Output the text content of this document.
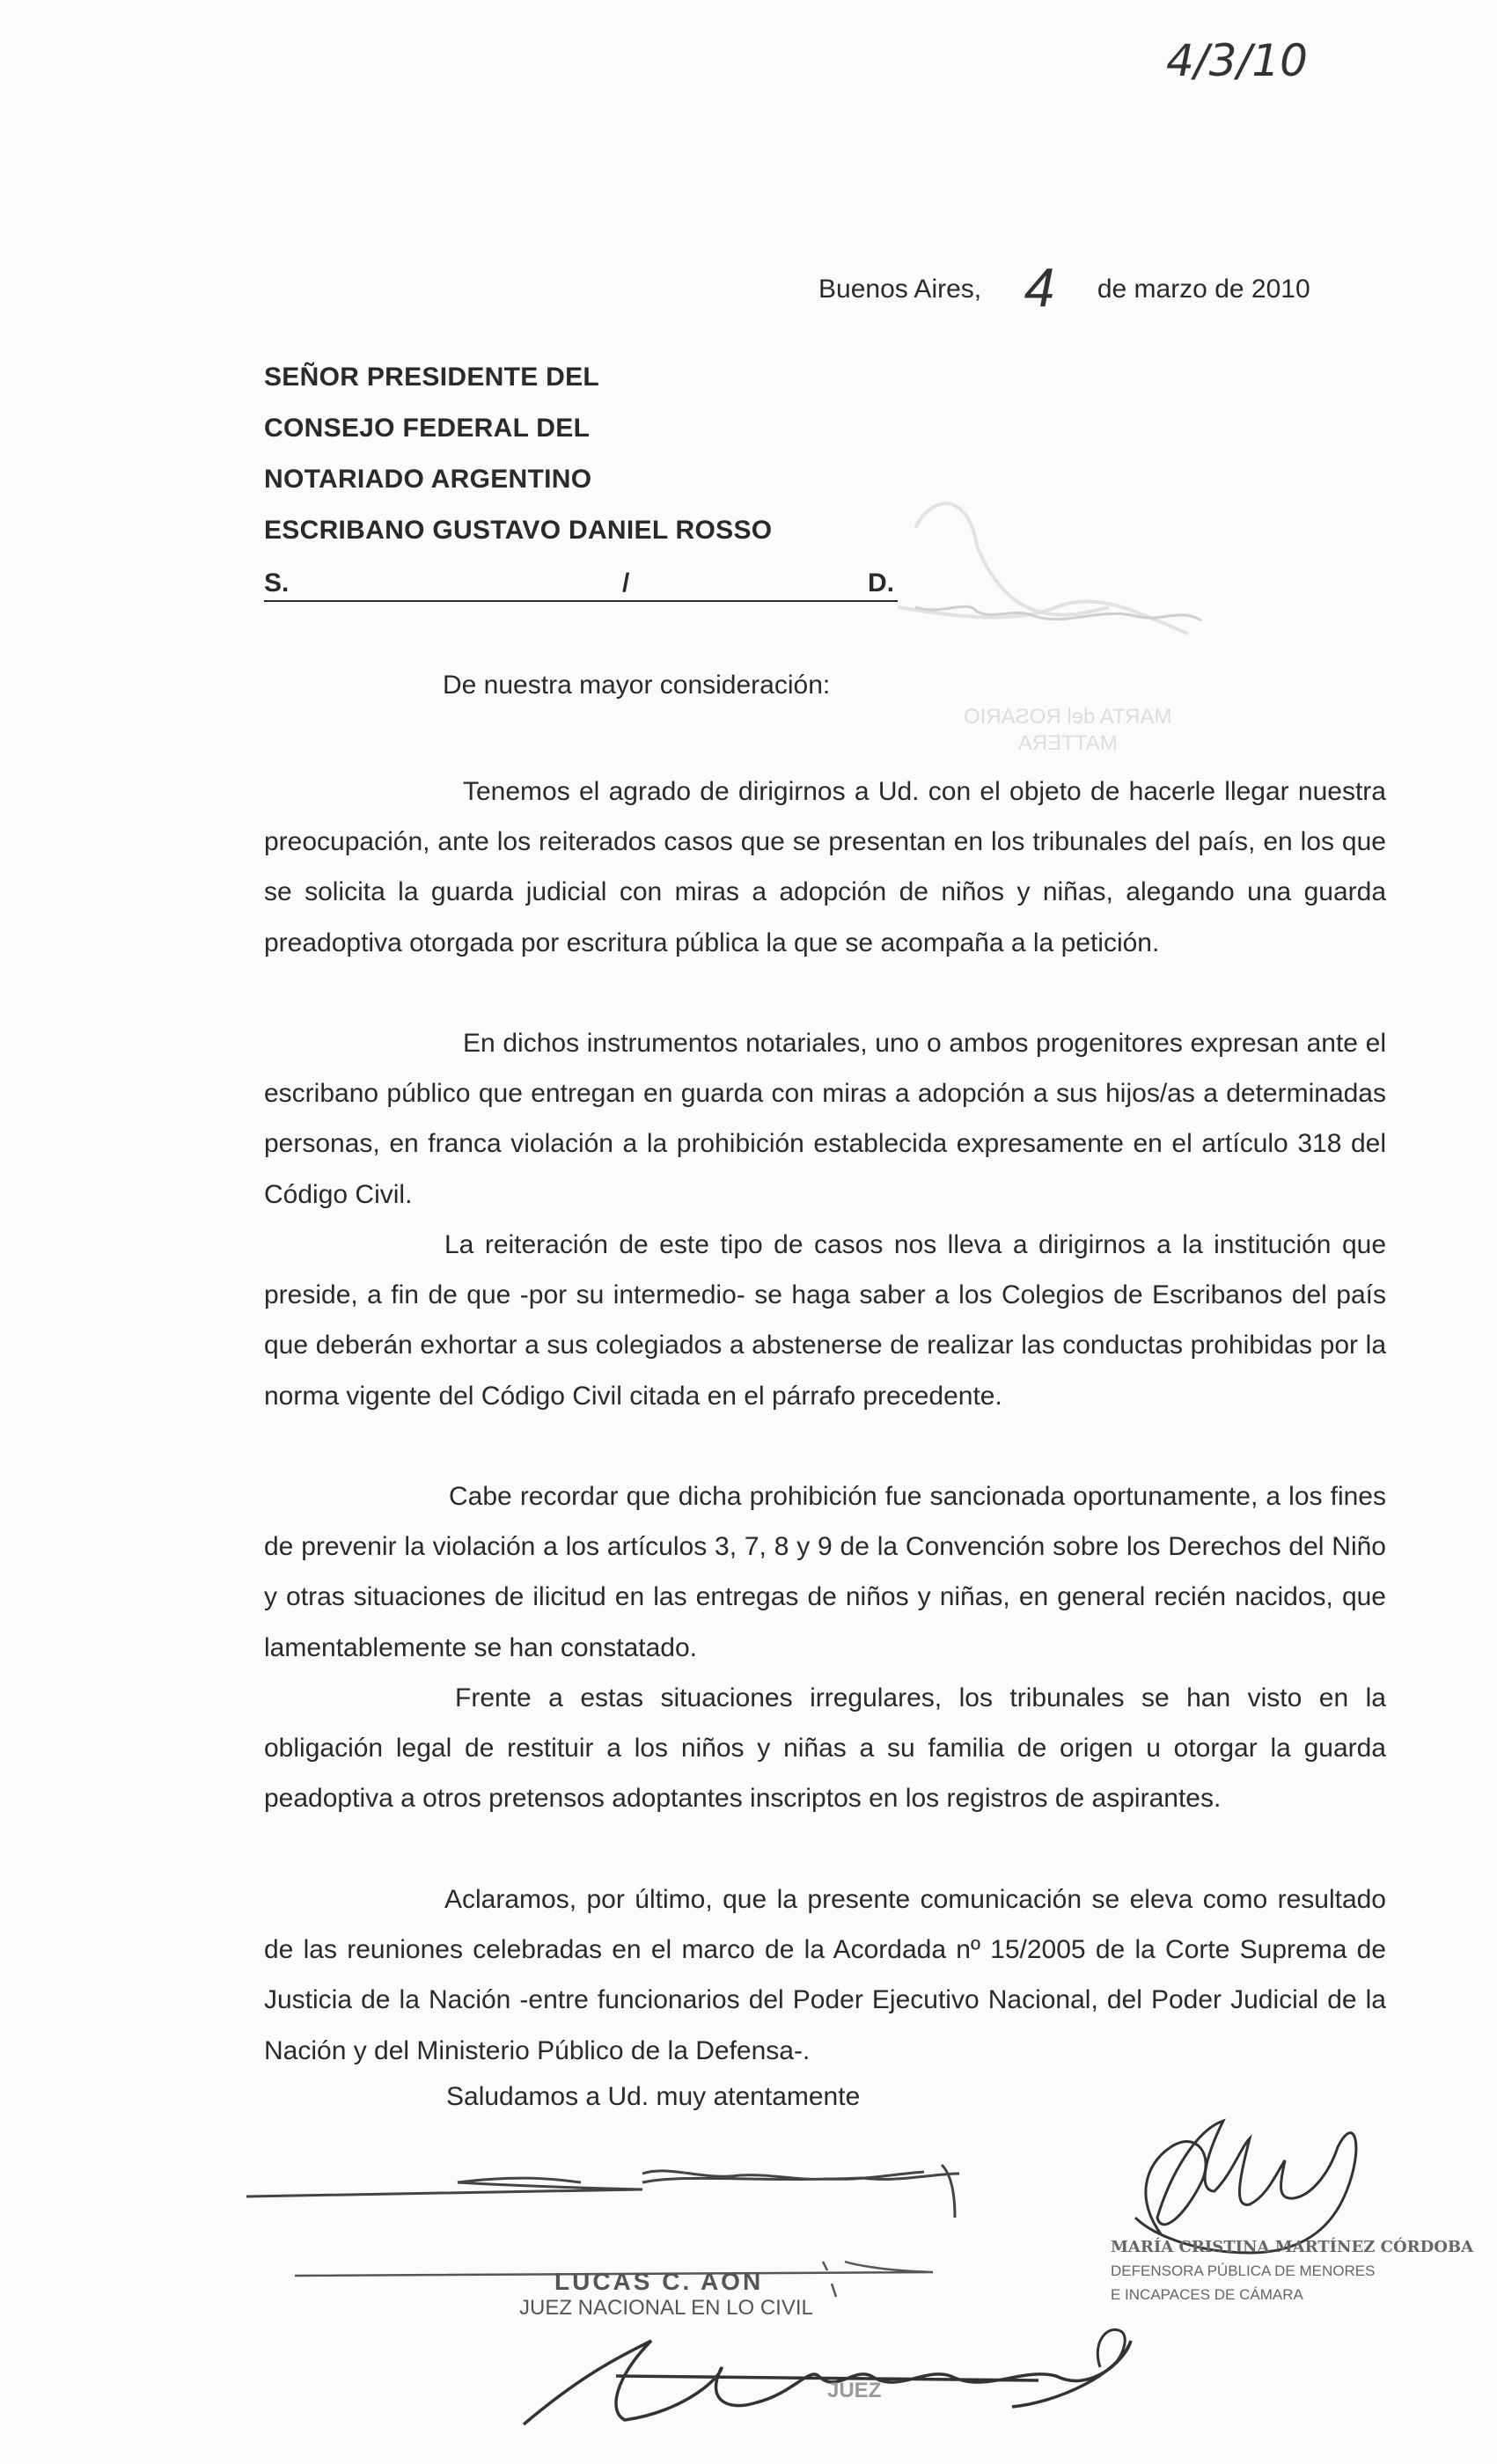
4/3/10
Buenos Aires, 4 de marzo de 2010
SEÑOR PRESIDENTE DEL
CONSEJO FEDERAL DEL
NOTARIADO ARGENTINO
ESCRIBANO GUSTAVO DANIEL ROSSO
S.	/	D.
MARTA del ROSARIO
MATTERA
De nuestra mayor consideración:

Tenemos el agrado de dirigirnos a Ud. con el objeto de hacerle llegar nuestra preocupación, ante los reiterados casos que se presentan en los tribunales del país, en los que se solicita la guarda judicial con miras a adopción de niños y niñas, alegando una guarda preadoptiva otorgada por escritura pública la que se acompaña a la petición.

En dichos instrumentos notariales, uno o ambos progenitores expresan ante el escribano público que entregan en guarda con miras a adopción a sus hijos/as a determinadas personas, en franca violación a la prohibición establecida expresamente en el artículo 318 del Código Civil.

La reiteración de este tipo de casos nos lleva a dirigirnos a la institución que preside, a fin de que -por su intermedio- se haga saber a los Colegios de Escribanos del país que deberán exhortar a sus colegiados a abstenerse de realizar las conductas prohibidas por la norma vigente del Código Civil citada en el párrafo precedente.

Cabe recordar que dicha prohibición fue sancionada oportunamente, a los fines de prevenir la violación a los artículos 3, 7, 8 y 9 de la Convención sobre los Derechos del Niño y otras situaciones de ilicitud en las entregas de niños y niñas, en general recién nacidos, que lamentablemente se han constatado.

Frente a estas situaciones irregulares, los tribunales se han visto en la obligación legal de restituir a los niños y niñas a su familia de origen u otorgar la guarda peadoptiva a otros pretensos adoptantes inscriptos en los registros de aspirantes.

Aclaramos, por último, que la presente comunicación se eleva como resultado de las reuniones celebradas en el marco de la Acordada nº 15/2005 de la Corte Suprema de Justicia de la Nación -entre funcionarios del Poder Ejecutivo Nacional, del Poder Judicial de la Nación y del Ministerio Público de la Defensa-.

Saludamos a Ud. muy atentamente
LUCAS C. AON
JUEZ NACIONAL EN LO CIVIL
MARÍA CRISTINA MARTÍNEZ CÓRDOBA
DEFENSORA PÚBLICA DE MENORES
E INCAPACES DE CÁMARA
JUEZ
